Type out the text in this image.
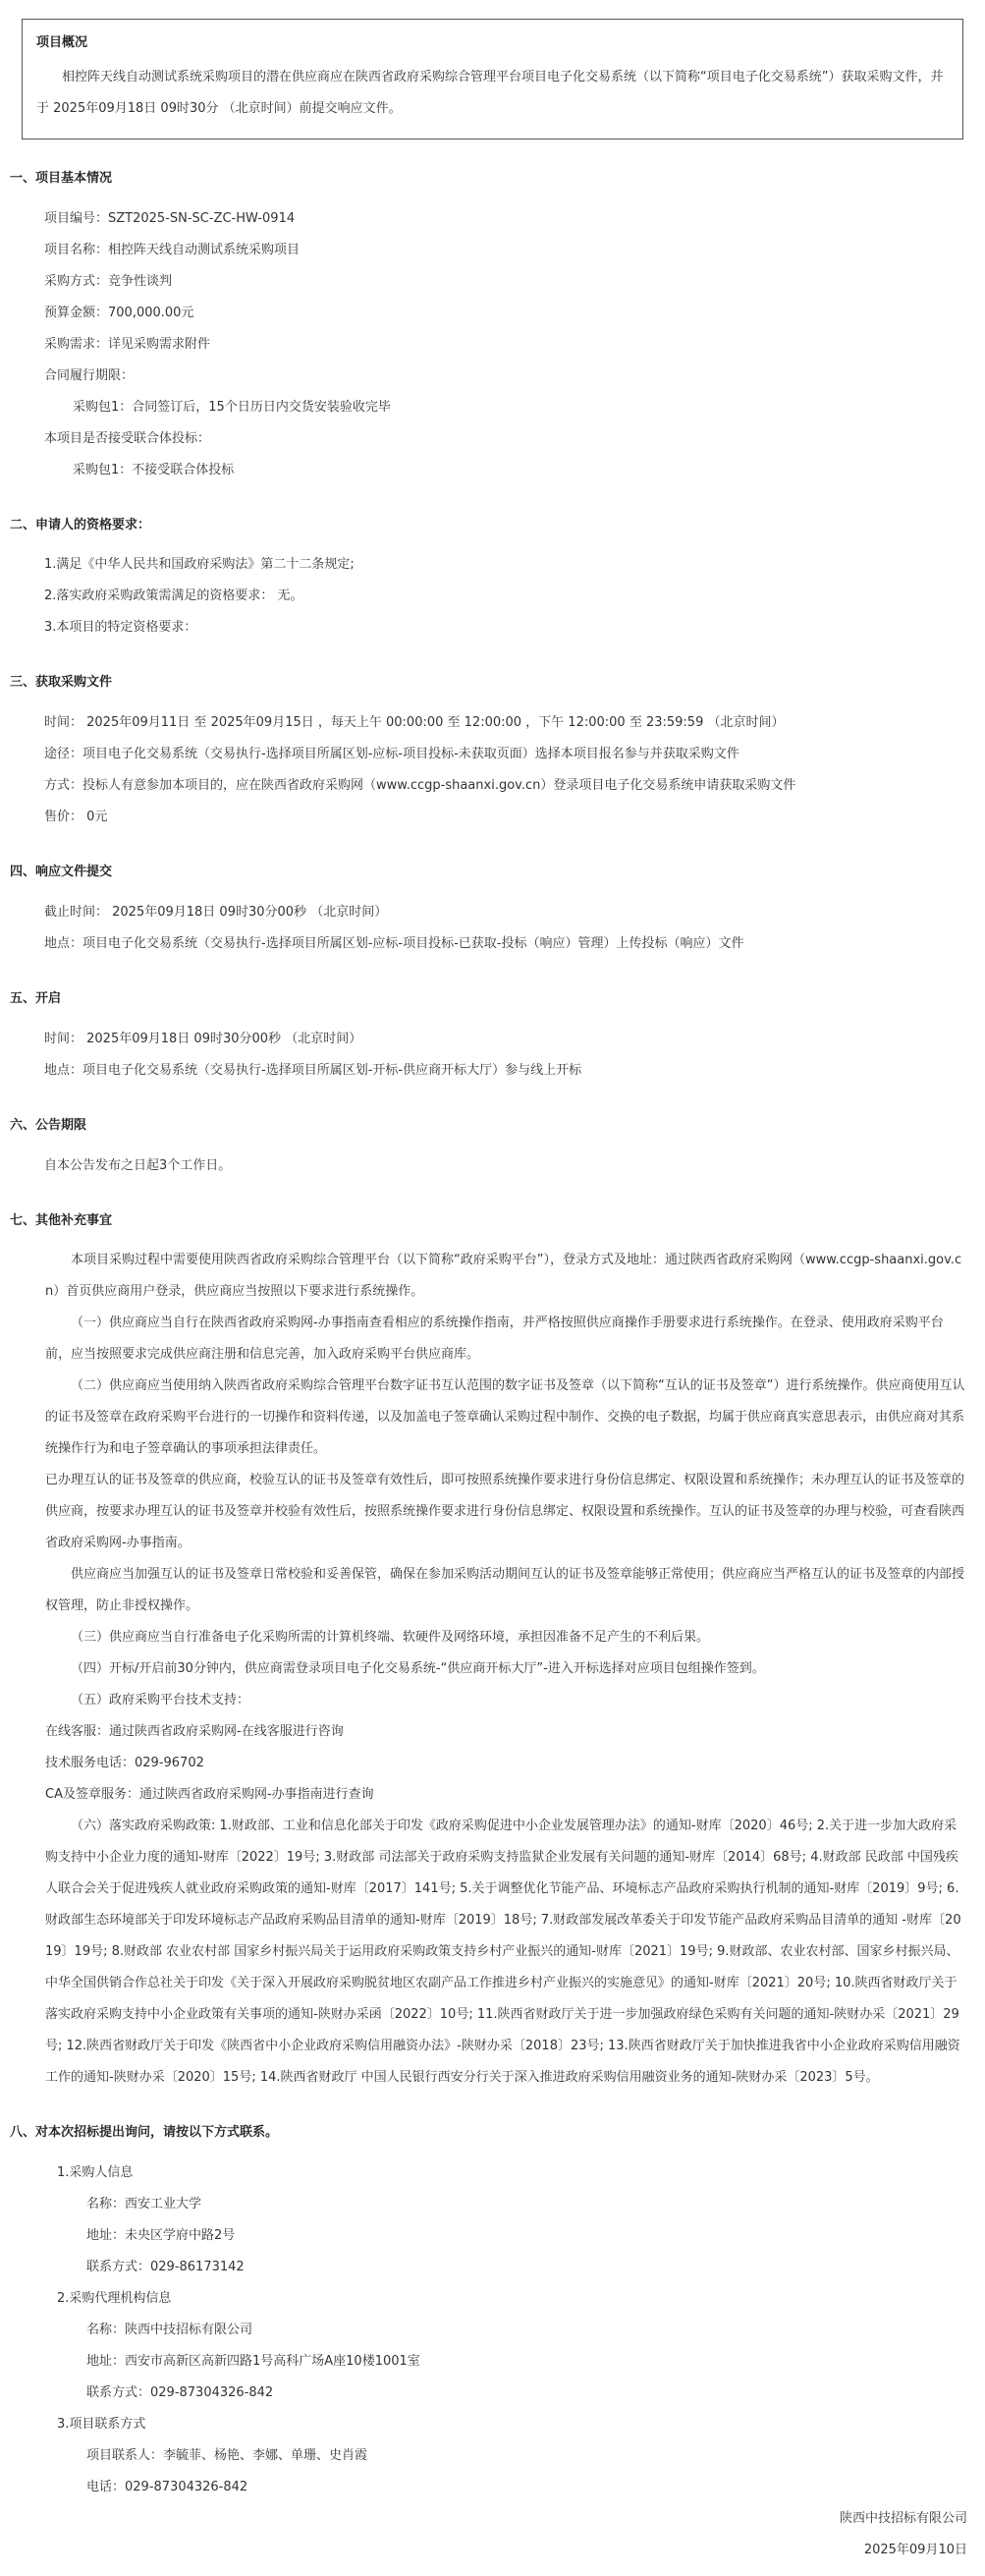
项目概况

相控阵天线自动测试系统采购项目的潜在供应商应在陕西省政府采购综合管理平台项目电子化交易系统（以下简称“项目电子化交易系统”）获取采购文件，并于 2025年09月18日 09时30分 （北京时间）前提交响应文件。

一、项目基本情况
项目编号：SZT2025-SN-SC-ZC-HW-0914
项目名称：相控阵天线自动测试系统采购项目
采购方式：竞争性谈判
预算金额：700,000.00元
采购需求：详见采购需求附件
合同履行期限：
采购包1：合同签订后，15个日历日内交货安装验收完毕
本项目是否接受联合体投标：
采购包1：不接受联合体投标
二、申请人的资格要求：
1.满足《中华人民共和国政府采购法》第二十二条规定;
2.落实政府采购政策需满足的资格要求： 无。
3.本项目的特定资格要求：
三、获取采购文件
时间： 2025年09月11日 至 2025年09月15日 ，每天上午 00:00:00 至 12:00:00 ，下午 12:00:00 至 23:59:59 （北京时间）
途径：项目电子化交易系统（交易执行-选择项目所属区划-应标-项目投标-未获取页面）选择本项目报名参与并获取采购文件
方式：投标人有意参加本项目的，应在陕西省政府采购网（www.ccgp-shaanxi.gov.cn）登录项目电子化交易系统申请获取采购文件
售价： 0元
四、响应文件提交
截止时间： 2025年09月18日 09时30分00秒 （北京时间）
地点：项目电子化交易系统（交易执行-选择项目所属区划-应标-项目投标-已获取-投标（响应）管理）上传投标（响应）文件
五、开启
时间： 2025年09月18日 09时30分00秒 （北京时间）
地点：项目电子化交易系统（交易执行-选择项目所属区划-开标-供应商开标大厅）参与线上开标
六、公告期限
自本公告发布之日起3个工作日。
七、其他补充事宜
本项目采购过程中需要使用陕西省政府采购综合管理平台（以下简称“政府采购平台”），登录方式及地址：通过陕西省政府采购网（www.ccgp-shaanxi.gov.cn）首页供应商用户登录，供应商应当按照以下要求进行系统操作。
（一）供应商应当自行在陕西省政府采购网-办事指南查看相应的系统操作指南，并严格按照供应商操作手册要求进行系统操作。在登录、使用政府采购平台前，应当按照要求完成供应商注册和信息完善，加入政府采购平台供应商库。
（二）供应商应当使用纳入陕西省政府采购综合管理平台数字证书互认范围的数字证书及签章（以下简称“互认的证书及签章”）进行系统操作。供应商使用互认的证书及签章在政府采购平台进行的一切操作和资料传递，以及加盖电子签章确认采购过程中制作、交换的电子数据，均属于供应商真实意思表示，由供应商对其系统操作行为和电子签章确认的事项承担法律责任。
已办理互认的证书及签章的供应商，校验互认的证书及签章有效性后，即可按照系统操作要求进行身份信息绑定、权限设置和系统操作；未办理互认的证书及签章的供应商，按要求办理互认的证书及签章并校验有效性后，按照系统操作要求进行身份信息绑定、权限设置和系统操作。互认的证书及签章的办理与校验，可查看陕西省政府采购网-办事指南。
供应商应当加强互认的证书及签章日常校验和妥善保管，确保在参加采购活动期间互认的证书及签章能够正常使用；供应商应当严格互认的证书及签章的内部授权管理，防止非授权操作。
（三）供应商应当自行准备电子化采购所需的计算机终端、软硬件及网络环境，承担因准备不足产生的不利后果。
（四）开标/开启前30分钟内，供应商需登录项目电子化交易系统-“供应商开标大厅”-进入开标选择对应项目包组操作签到。
（五）政府采购平台技术支持：
在线客服：通过陕西省政府采购网-在线客服进行咨询
技术服务电话：029-96702
CA及签章服务：通过陕西省政府采购网-办事指南进行查询
（六）落实政府采购政策: 1.财政部、工业和信息化部关于印发《政府采购促进中小企业发展管理办法》的通知-财库〔2020〕46号; 2.关于进一步加大政府采购支持中小企业力度的通知-财库〔2022〕19号; 3.财政部 司法部关于政府采购支持监狱企业发展有关问题的通知-财库〔2014〕68号; 4.财政部 民政部 中国残疾人联合会关于促进残疾人就业政府采购政策的通知-财库〔2017〕141号; 5.关于调整优化节能产品、环境标志产品政府采购执行机制的通知-财库〔2019〕9号; 6.财政部生态环境部关于印发环境标志产品政府采购品目清单的通知-财库〔2019〕18号; 7.财政部发展改革委关于印发节能产品政府采购品目清单的通知 -财库〔2019〕19号; 8.财政部 农业农村部 国家乡村振兴局关于运用政府采购政策支持乡村产业振兴的通知-财库〔2021〕19号; 9.财政部、农业农村部、国家乡村振兴局、中华全国供销合作总社关于印发《关于深入开展政府采购脱贫地区农副产品工作推进乡村产业振兴的实施意见》的通知-财库〔2021〕20号; 10.陕西省财政厅关于落实政府采购支持中小企业政策有关事项的通知-陕财办采函〔2022〕10号; 11.陕西省财政厅关于进一步加强政府绿色采购有关问题的通知-陕财办采〔2021〕29号; 12.陕西省财政厅关于印发《陕西省中小企业政府采购信用融资办法》-陕财办采〔2018〕23号; 13.陕西省财政厅关于加快推进我省中小企业政府采购信用融资工作的通知-陕财办采〔2020〕15号; 14.陕西省财政厅 中国人民银行西安分行关于深入推进政府采购信用融资业务的通知-陕财办采〔2023〕5号。
八、对本次招标提出询问，请按以下方式联系。
1.采购人信息
名称：西安工业大学
地址：未央区学府中路2号
联系方式：029-86173142
2.采购代理机构信息
名称：陕西中技招标有限公司
地址：西安市高新区高新四路1号高科广场A座10楼1001室
联系方式：029-87304326-842
3.项目联系方式
项目联系人：李毓菲、杨艳、李娜、单珊、史肖霞
电话：029-87304326-842
陕西中技招标有限公司
2025年09月10日
